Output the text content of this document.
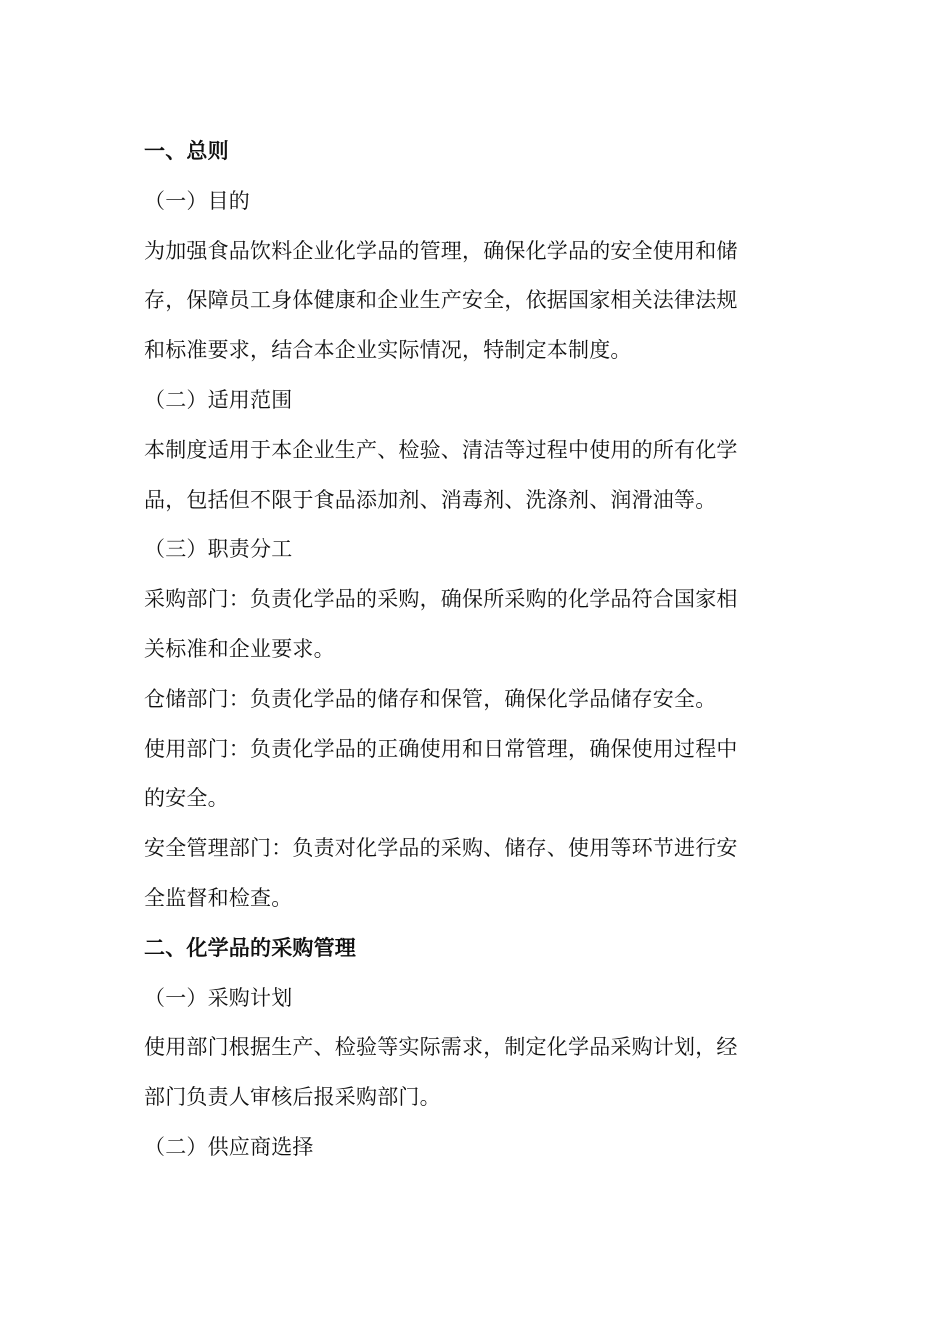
一、总则
（一）目的
为加强食品饮料企业化学品的管理，确保化学品的安全使用和储
存，保障员工身体健康和企业生产安全，依据国家相关法律法规
和标准要求，结合本企业实际情况，特制定本制度。
（二）适用范围
本制度适用于本企业生产、检验、清洁等过程中使用的所有化学
品，包括但不限于食品添加剂、消毒剂、洗涤剂、润滑油等。
（三）职责分工
采购部门：负责化学品的采购，确保所采购的化学品符合国家相
关标准和企业要求。
仓储部门：负责化学品的储存和保管，确保化学品储存安全。
使用部门：负责化学品的正确使用和日常管理，确保使用过程中
的安全。
安全管理部门：负责对化学品的采购、储存、使用等环节进行安
全监督和检查。
二、化学品的采购管理
（一）采购计划
使用部门根据生产、检验等实际需求，制定化学品采购计划，经
部门负责人审核后报采购部门。
（二）供应商选择
